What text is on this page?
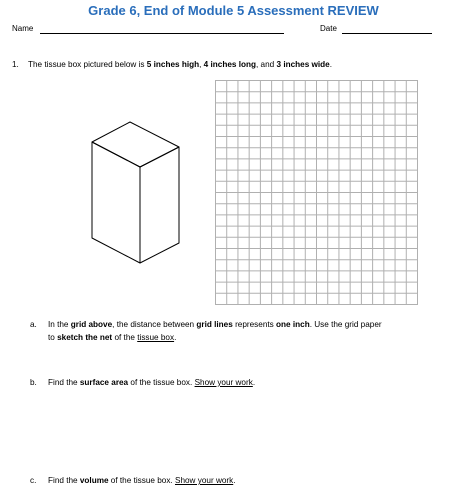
Grade 6, End of Module 5 Assessment REVIEW
Name	Date
1. The tissue box pictured below is 5 inches high, 4 inches long, and 3 inches wide.
a. In the grid above, the distance between grid lines represents one inch. Use the grid paper
to sketch the net of the tissue box.
b. Find the surface area of the tissue box. Show your work.
c. Find the volume of the tissue box. Show your work.
